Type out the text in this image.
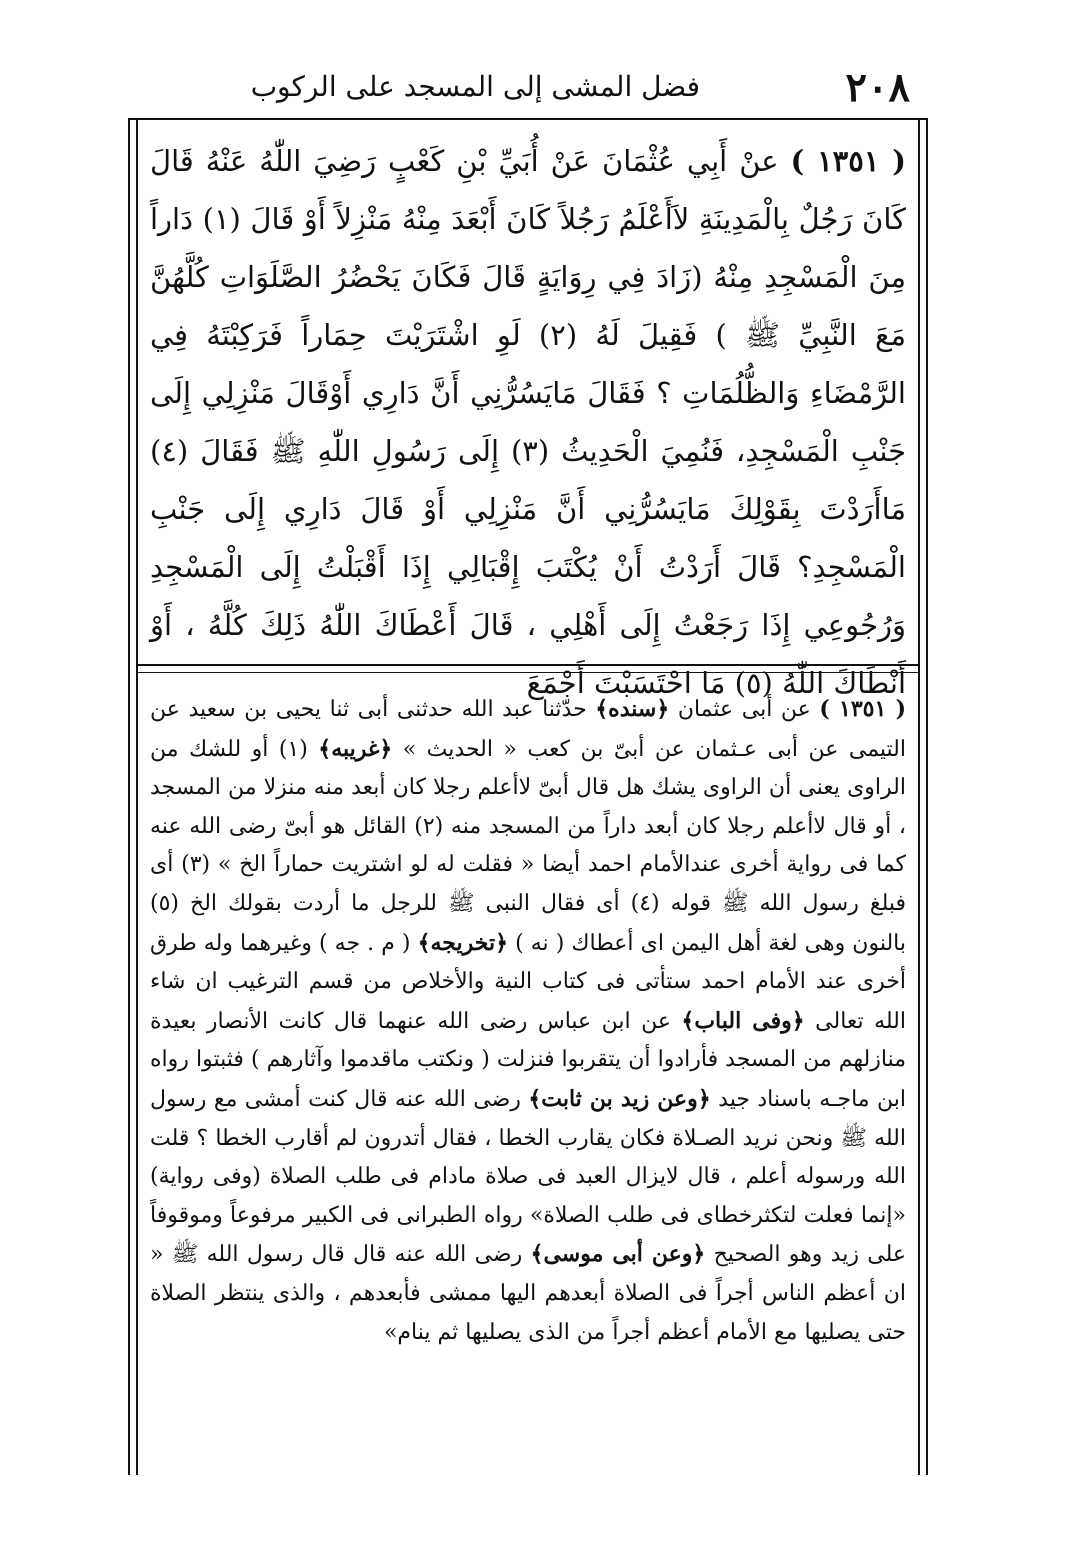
٢٠٨
فضل المشى إلى المسجد على الركوب

( ١٣٥١ ) عنْ أَبِي عُثْمَانَ عَنْ أُبَيِّ بْنِ كَعْبٍ رَضِيَ اللّٰهُ عَنْهُ قَالَ كَانَ رَجُلٌ بِالْمَدِينَةِ لاَأَعْلَمُ رَجُلاً كَانَ أَبْعَدَ مِنْهُ مَنْزِلاً أَوْ قَالَ (١) دَاراً مِنَ الْمَسْجِدِ مِنْهُ (زَادَ فِي رِوَايَةٍ قَالَ فَكَانَ يَحْضُرُ الصَّلَوَاتِ كُلَّهُنَّ مَعَ النَّبِيِّ ﷺ ) فَقِيلَ لَهُ (٢) لَوِ اشْتَرَيْتَ حِمَاراً فَرَكِبْتَهُ فِي الرَّمْضَاءِ وَالظُّلُمَاتِ ؟ فَقَالَ مَايَسُرُّنِي أَنَّ دَارِي أَوْقَالَ مَنْزِلِي إِلَى جَنْبِ الْمَسْجِدِ، فَنُمِيَ الْحَدِيثُ (٣) إِلَى رَسُولِ اللّٰهِ ﷺ فَقَالَ (٤) مَاأَرَدْتَ بِقَوْلِكَ مَايَسُرُّنِي أَنَّ مَنْزِلِي أَوْ قَالَ دَارِي إِلَى جَنْبِ الْمَسْجِدِ؟ قَالَ أَرَدْتُ أَنْ يُكْتَبَ إِقْبَالِي إِذَا أَقْبَلْتُ إِلَى الْمَسْجِدِ وَرُجُوعِي إِذَا رَجَعْتُ إِلَى أَهْلِي ، قَالَ أَعْطَاكَ اللّٰهُ ذَلِكَ كُلَّهُ ، أَوْ أَنْطَاكَ اللّٰهُ (٥) مَا احْتَسَبْتَ أَجْمَعَ

( ١٣٥١ ) عن أبى عثمان ﴿سنده﴾ حدّثنا عبد الله حدثنى أبى ثنا يحيى بن سعيد عن التيمى عن أبى عـثمان عن أبىّ بن كعب « الحديث » ﴿غريبه﴾ (١) أو للشك من الراوى يعنى أن الراوى يشك هل قال أبىّ لاأعلم رجلا كان أبعد منه منزلا من المسجد ، أو قال لاأعلم رجلا كان أبعد داراً من المسجد منه (٢) القائل هو أبىّ رضى الله عنه كما فى رواية أخرى عندالأمام احمد أيضا « فقلت له لو اشتريت حماراً الخ » (٣) أى فبلغ رسول الله ﷺ قوله (٤) أى فقال النبى ﷺ للرجل ما أردت بقولك الخ (٥) بالنون وهى لغة أهل اليمن اى أعطاك ( نه ) ﴿تخريجه﴾ ( م . جه ) وغيرهما وله طرق أخرى عند الأمام احمد ستأتى فى كتاب النية والأخلاص من قسم الترغيب ان شاء الله تعالى ﴿وفى الباب﴾ عن ابن عباس رضى الله عنهما قال كانت الأنصار بعيدة منازلهم من المسجد فأرادوا أن يتقربوا فنزلت ( ونكتب ماقدموا وآثارهم ) فثبتوا رواه ابن ماجـه باسناد جيد ﴿وعن زيد بن ثابت﴾ رضى الله عنه قال كنت أمشى مع رسول الله ﷺ ونحن نريد الصـلاة فكان يقارب الخطا ، فقال أتدرون لم أقارب الخطا ؟ قلت الله ورسوله أعلم ، قال لايزال العبد فى صلاة مادام فى طلب الصلاة (وفى رواية) «إنما فعلت لتكثرخطاى فى طلب الصلاة» رواه الطبرانى فى الكبير مرفوعاً وموقوفاً على زيد وهو الصحيح ﴿وعن أبى موسى﴾ رضى الله عنه قال قال رسول الله ﷺ « ان أعظم الناس أجراً فى الصلاة أبعدهم اليها ممشى فأبعدهم ، والذى ينتظر الصلاة حتى يصليها مع الأمام أعظم أجراً من الذى يصليها ثم ينام»
